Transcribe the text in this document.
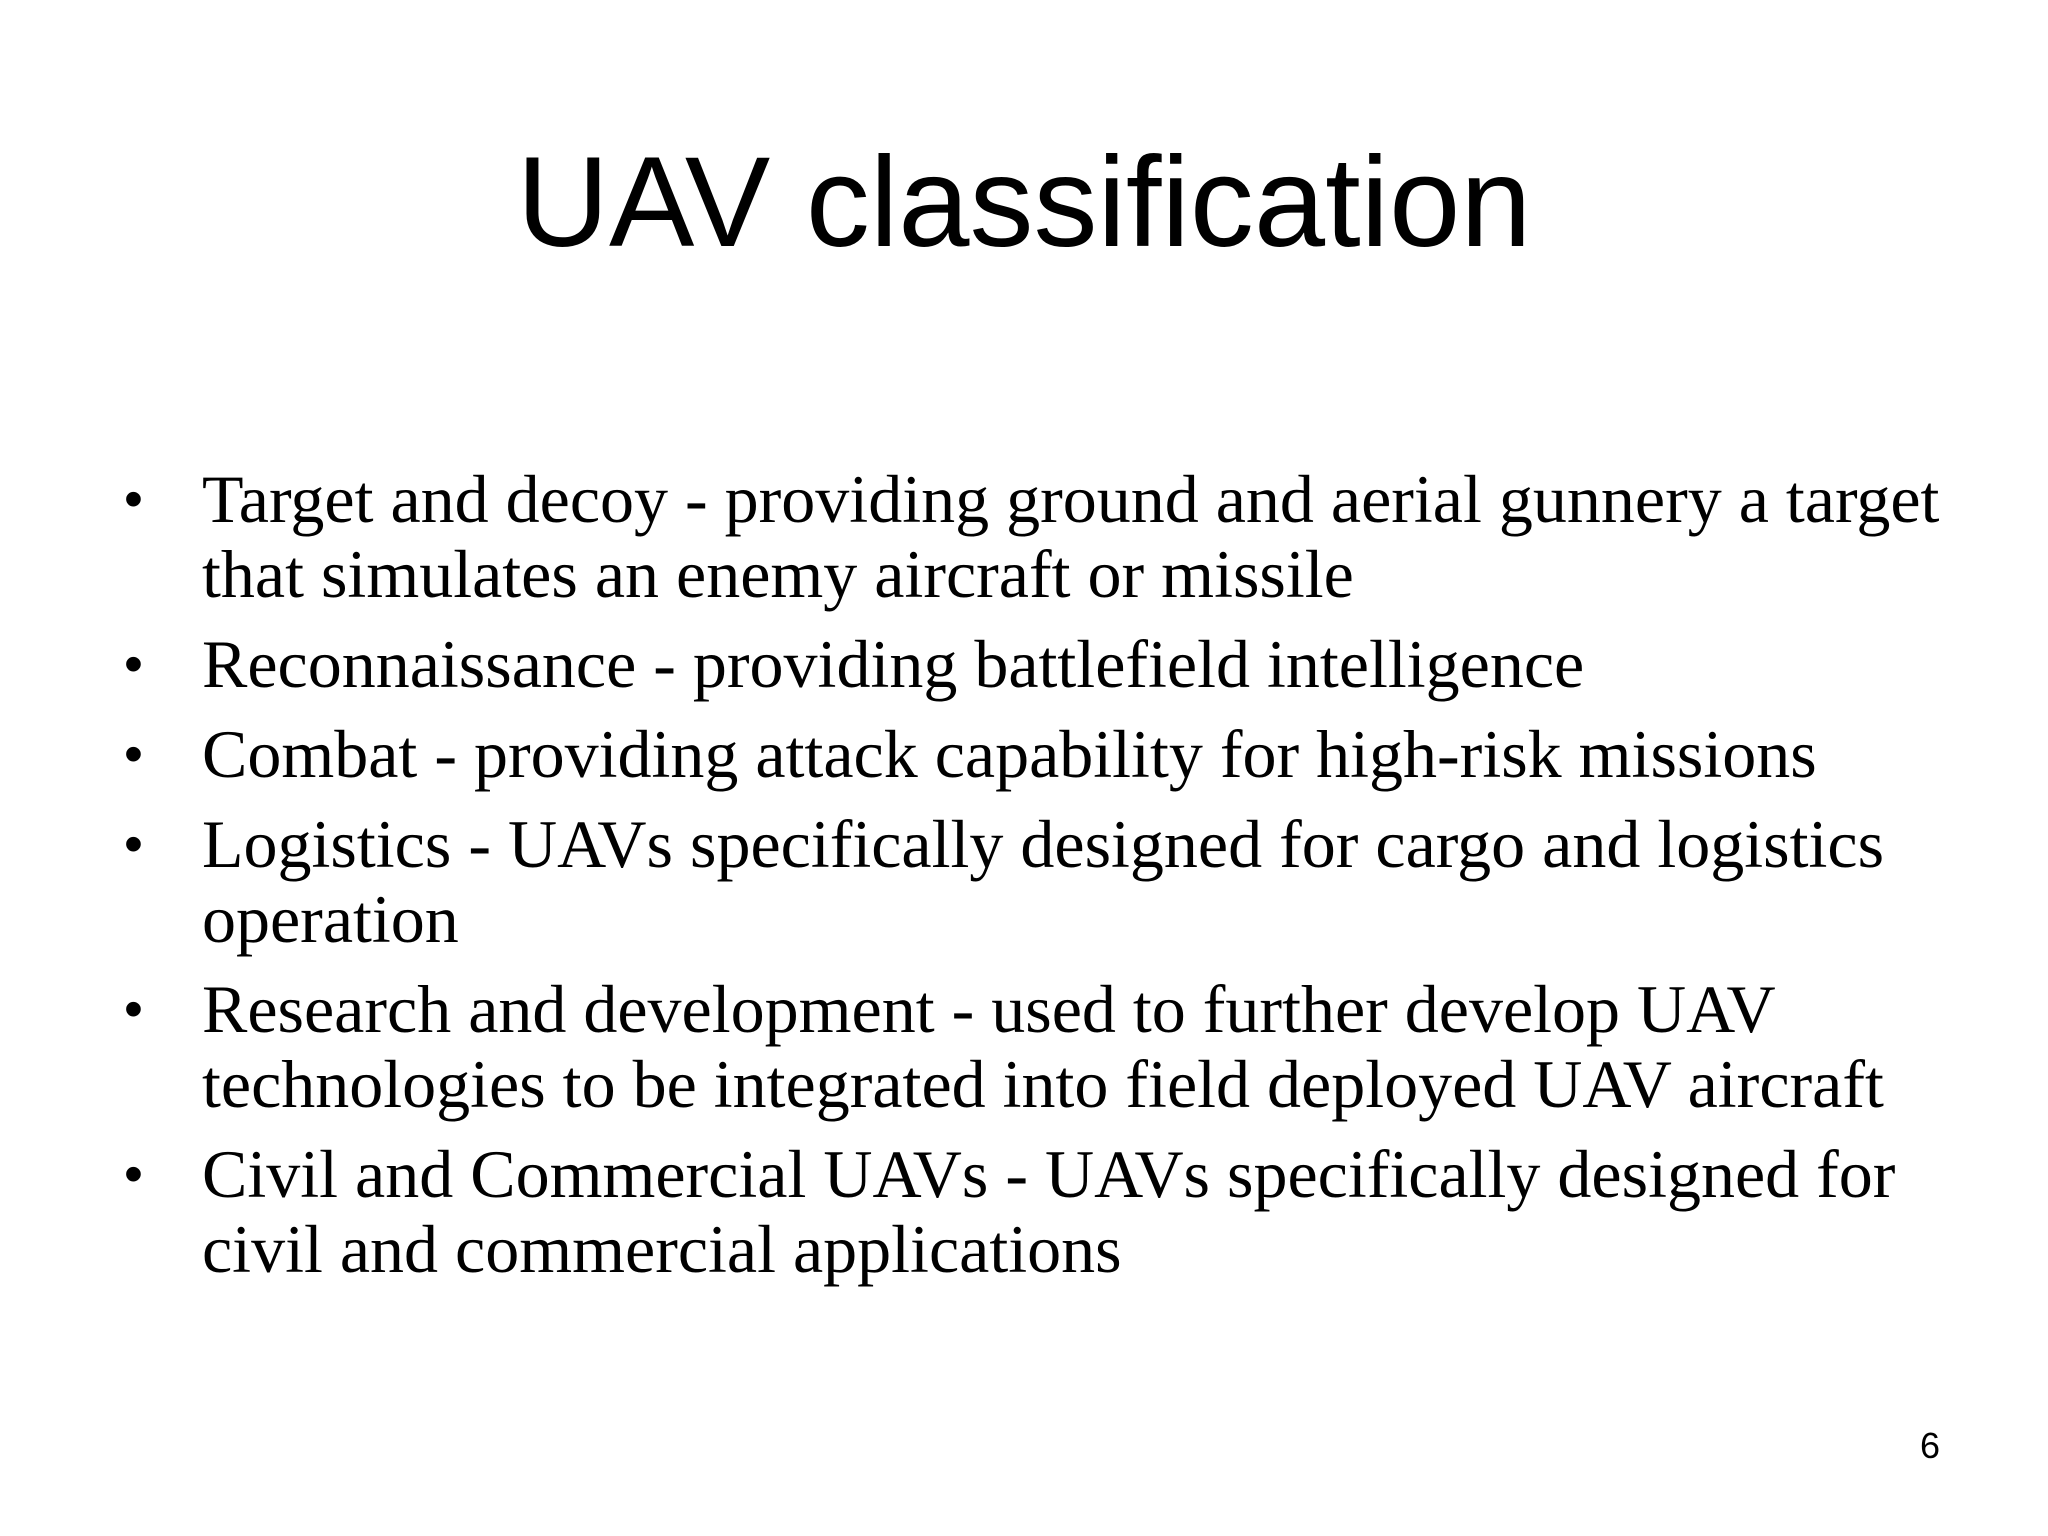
UAV classification
• Target and decoy - providing ground and aerial gunnery a target that simulates an enemy aircraft or missile
• Reconnaissance - providing battlefield intelligence
• Combat - providing attack capability for high-risk missions
• Logistics - UAVs specifically designed for cargo and logistics operation
• Research and development - used to further develop UAV technologies to be integrated into field deployed UAV aircraft
• Civil and Commercial UAVs - UAVs specifically designed for civil and commercial applications
6
